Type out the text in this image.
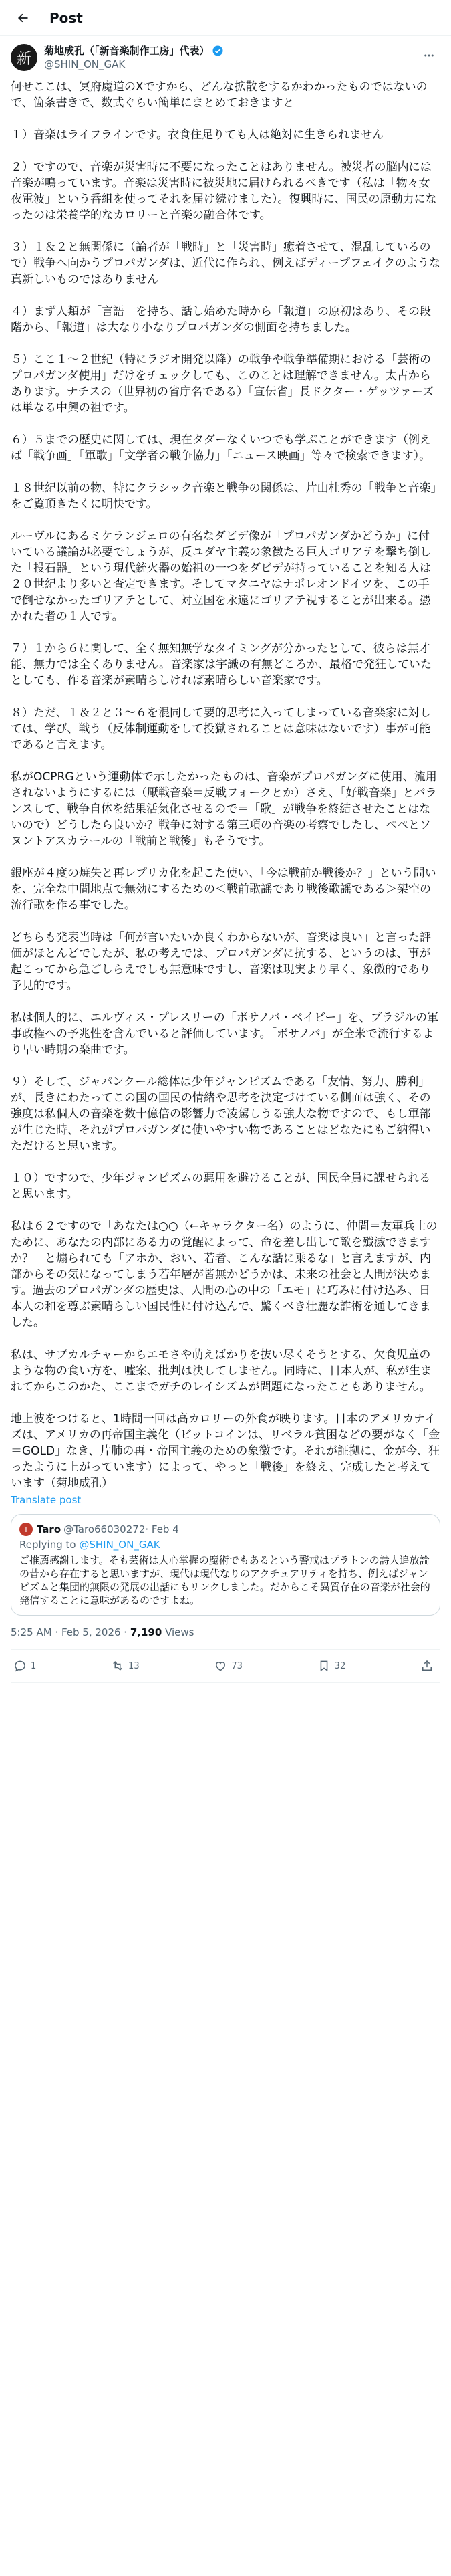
Post
新 菊地成孔（「新音楽制作工房」代表）
@SHIN_ON_GAK

何せここは、冥府魔道のXですから、どんな拡散をするかわかったものではないので、箇条書きで、数式ぐらい簡単にまとめておきますと

１）音楽はライフラインです。衣食住足りても人は絶対に生きられません

２）ですので、音楽が災害時に不要になったことはありません。被災者の脳内には音楽が鳴っています。音楽は災害時に被災地に届けられるべきです（私は「物々女夜電波」という番組を使ってそれを届け続けました）。復興時に、国民の原動力になったのは栄養学的なカロリーと音楽の融合体です。

３）１＆２と無関係に（論者が「戦時」と「災害時」癒着させて、混乱しているので）戦争へ向かうプロパガンダは、近代に作られ、例えばディープフェイクのような真新しいものではありません

４）まず人類が「言語」を持ち、話し始めた時から「報道」の原初はあり、その段階から、「報道」は大なり小なりプロパガンダの側面を持ちました。

５）ここ１〜２世紀（特にラジオ開発以降）の戦争や戦争準備期における「芸術のプロパガンダ使用」だけをチェックしても、このことは理解できません。太古からあります。ナチスの（世界初の省庁名である）「宣伝省」長ドクター・ゲッツァーズは単なる中興の祖です。

６）５までの歴史に関しては、現在タダーなくいつでも学ぶことができます（例えば「戦争画」「軍歌」「文学者の戦争協力」「ニュース映画」等々で検索できます）。

１８世紀以前の物、特にクラシック音楽と戦争の関係は、片山杜秀の「戦争と音楽」をご覧頂きたくに明快です。

ルーヴルにあるミケランジェロの有名なダビデ像が「プロパガンダかどうか」に付いている議論が必要でしょうが、反ユダヤ主義の象徴たる巨人ゴリアテを撃ち倒した「投石器」という現代銃火器の始祖の一つをダビデが持っていることを知る人は２０世紀より多いと査定できます。そしてマタニヤはナポレオンドイツを、この手で倒せなかったゴリアテとして、対立国を永遠にゴリアテ視することが出来る。憑かれた者の１人です。

７）１から６に関して、全く無知無学なタイミングが分かったとして、彼らは無才能、無力では全くありません。音楽家は宇識の有無どころか、最格で発狂していたとしても、作る音楽が素晴らしければ素晴らしい音楽家です。

８）ただ、１＆２と３〜６を混同して要的思考に入ってしまっている音楽家に対しては、学び、戦う（反体制運動をして投獄されることは意味はないです）事が可能であると言えます。

私がOCPRGという運動体で示したかったものは、音楽がプロパガンダに使用、流用されないようにするには（厭戦音楽＝反戦フォークとか）さえ、「好戦音楽」とバランスして、戦争自体を結果活気化させるので＝「歌」が戦争を終結させたことはないので）どうしたら良いか？戦争に対する第三項の音楽の考察でしたし、ペペとソヌントアスカラールの「戦前と戦後」もそうです。

銀座が４度の焼失と再レプリカ化を起こた使い、「今は戦前か戦後か？」という問いを、完全な中間地点で無効にするための＜戦前歌謡であり戦後歌謡である＞架空の流行歌を作る事でした。

どちらも発表当時は「何が言いたいか良くわからないが、音楽は良い」と言った評価がほとんどでしたが、私の考えでは、プロパガンダに抗する、というのは、事が起こってから急ごしらえでしも無意味ですし、音楽は現実より早く、象徴的であり予見的です。

私は個人的に、エルヴィス・プレスリーの「ボサノバ・ベイビー」を、ブラジルの軍事政権への予兆性を含んでいると評価しています。「ボサノバ」が全米で流行するより早い時期の楽曲です。

９）そして、ジャパンクール総体は少年ジャンピズムである「友情、努力、勝利」が、長きにわたってこの国の国民の情緒や思考を決定づけている側面は強く、その強度は私個人の音楽を数十億倍の影響力で凌駕しうる強大な物ですので、もし軍部が生じた時、それがプロパガンダに使いやすい物であることはどなたにもご納得いただけると思います。

１０）ですので、少年ジャンピズムの悪用を避けることが、国民全員に課せられると思います。

私は６２ですので「あなたは○○（←キャラクター名）のように、仲間＝友軍兵士のために、あなたの内部にある力の覚醒によって、命を差し出して敵を殲滅できますか？」と煽られても「アホか、おい、若者、こんな話に乗るな」と言えますが、内部からその気になってしまう若年層が皆無かどうかは、未来の社会と人間が決めます。過去のプロパガンダの歴史は、人間の心の中の「エモ」に巧みに付け込み、日本人の和を尊ぶ素晴らしい国民性に付け込んで、驚くべき壮麗な詐術を通してきました。

私は、サブカルチャーからエモさや萌えばかりを抜い尽くそうとする、欠食児童のような物の食い方を、嘘案、批判は決してしません。同時に、日本人が、私が生まれてからこのかた、ここまでガチのレイシズムが問題になったこともありません。

地上波をつけると、1時間一回は高カロリーの外食が映ります。日本のアメリカナイズは、アメリカの再帝国主義化（ビットコインは、リベラル貧困などの要がなく「金＝GOLD」なき、片肺の再・帝国主義のための象徴です。それが証拠に、金が今、狂ったように上がっています）によって、やっと「戦後」を終え、完成したと考えています（菊地成孔）

Translate post
T Taro @Taro66030272 · Feb 4
Replying to @SHIN_ON_GAK
ご推薦感謝します。そも芸術は人心掌握の魔術でもあるという警戒はプラトンの詩人追放論の昔から存在すると思いますが、現代は現代なりのアクチュアリティを持ち、例えばジャンピズムと集団的無限の発展の出話にもリンクしました。だからこそ異質存在の音楽が社会的発信することに意味があるのですよね。
5:25 AM · Feb 5, 2026 · 7,190 Views
1	13	73	32
